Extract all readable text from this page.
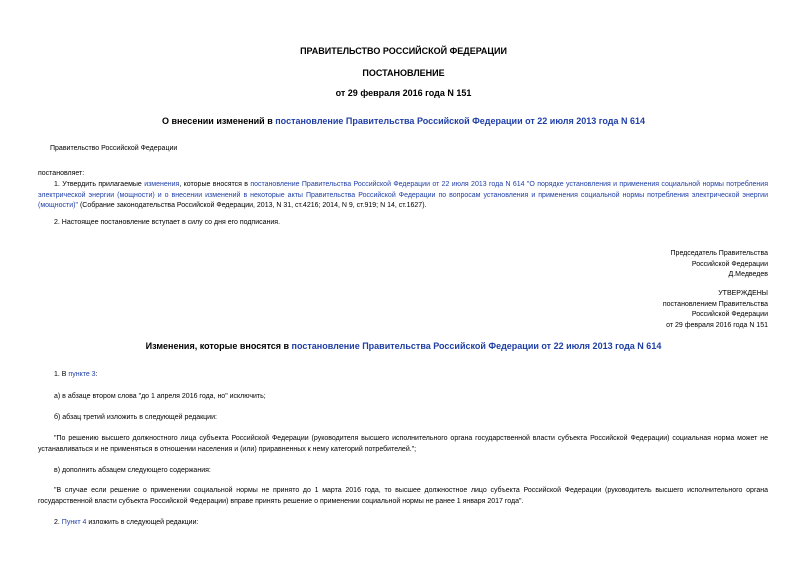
ПРАВИТЕЛЬСТВО РОССИЙСКОЙ ФЕДЕРАЦИИ
ПОСТАНОВЛЕНИЕ
от 29 февраля 2016 года N 151
О внесении изменений в постановление Правительства Российской Федерации от 22 июля 2013 года N 614
Правительство Российской Федерации
постановляет:
1. Утвердить прилагаемые изменения, которые вносятся в постановление Правительства Российской Федерации от 22 июля 2013 года N 614 "О порядке установления и применения социальной нормы потребления электрической энергии (мощности) и о внесении изменений в некоторые акты Правительства Российской Федерации по вопросам установления и применения социальной нормы потребления электрической энергии (мощности)" (Собрание законодательства Российской Федерации, 2013, N 31, ст.4216; 2014, N 9, ст.919; N 14, ст.1627).
2. Настоящее постановление вступает в силу со дня его подписания.
Председатель Правительства
Российской Федерации
Д.Медведев
УТВЕРЖДЕНЫ
постановлением Правительства
Российской Федерации
от 29 февраля 2016 года N 151
Изменения, которые вносятся в постановление Правительства Российской Федерации от 22 июля 2013 года N 614
1. В пункте 3:
а) в абзаце втором слова "до 1 апреля 2016 года, но" исключить;
б) абзац третий изложить в следующей редакции:
"По решению высшего должностного лица субъекта Российской Федерации (руководителя высшего исполнительного органа государственной власти субъекта Российской Федерации) социальная норма может не устанавливаться и не применяться в отношении населения и (или) приравненных к нему категорий потребителей.";
в) дополнить абзацем следующего содержания:
"В случае если решение о применении социальной нормы не принято до 1 марта 2016 года, то высшее должностное лицо субъекта Российской Федерации (руководитель высшего исполнительного органа государственной власти субъекта Российской Федерации) вправе принять решение о применении социальной нормы не ранее 1 января 2017 года".
2. Пункт 4 изложить в следующей редакции:
